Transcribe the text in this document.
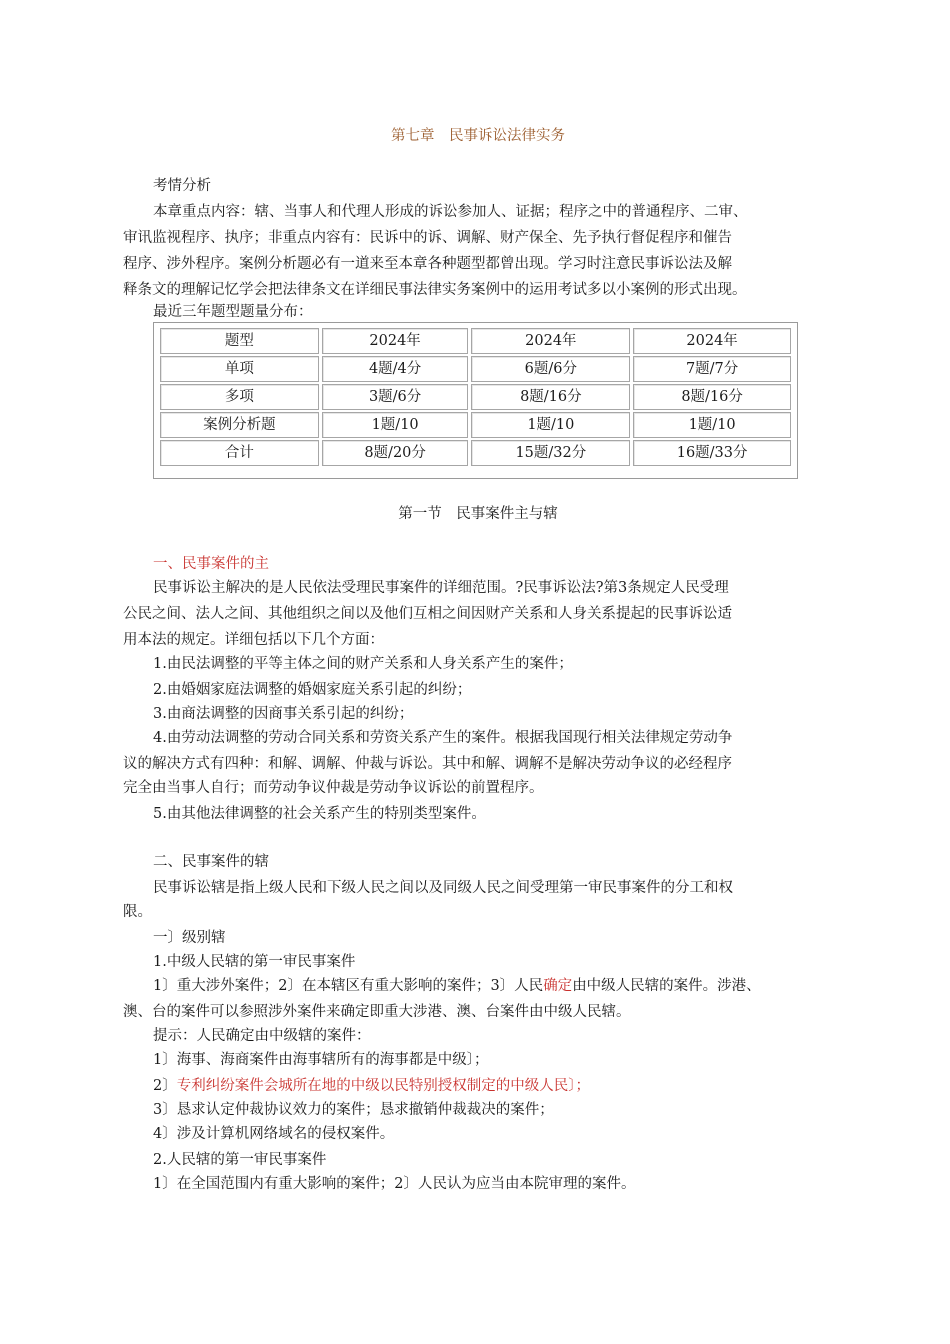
第七章　民事诉讼法律实务
考情分析
本章重点内容：辖、当事人和代理人形成的诉讼参加人、证据；程序之中的普通程序、二审、
审讯监视程序、执序；非重点内容有：民诉中的诉、调解、财产保全、先予执行督促程序和催告
程序、涉外程序。案例分析题必有一道来至本章各种题型都曾出现。学习时注意民事诉讼法及解
释条文的理解记忆学会把法律条文在详细民事法律实务案例中的运用考试多以小案例的形式出现。
最近三年题型题量分布：
题型	2024年	2024年	2024年
单项	4题/4分	6题/6分	7题/7分
多项	3题/6分	8题/16分	8题/16分
案例分析题	1题/10	1题/10	1题/10
合计	8题/20分	15题/32分	16题/33分
第一节　民事案件主与辖
一、民事案件的主
民事诉讼主解决的是人民依法受理民事案件的详细范围。?民事诉讼法?第3条规定人民受理
公民之间、法人之间、其他组织之间以及他们互相之间因财产关系和人身关系提起的民事诉讼适
用本法的规定。详细包括以下几个方面：
1.由民法调整的平等主体之间的财产关系和人身关系产生的案件；
2.由婚姻家庭法调整的婚姻家庭关系引起的纠纷；
3.由商法调整的因商事关系引起的纠纷；
4.由劳动法调整的劳动合同关系和劳资关系产生的案件。根据我国现行相关法律规定劳动争
议的解决方式有四种：和解、调解、仲裁与诉讼。其中和解、调解不是解决劳动争议的必经程序
完全由当事人自行；而劳动争议仲裁是劳动争议诉讼的前置程序。
5.由其他法律调整的社会关系产生的特别类型案件。
二、民事案件的辖
民事诉讼辖是指上级人民和下级人民之间以及同级人民之间受理第一审民事案件的分工和权
限。
一〕级别辖
1.中级人民辖的第一审民事案件
1〕重大涉外案件；2〕在本辖区有重大影响的案件；3〕人民确定由中级人民辖的案件。涉港、
澳、台的案件可以参照涉外案件来确定即重大涉港、澳、台案件由中级人民辖。
提示：人民确定由中级辖的案件：
1〕海事、海商案件由海事辖所有的海事都是中级〕；
2〕专利纠纷案件会城所在地的中级以民特别授权制定的中级人民〕；
3〕恳求认定仲裁协议效力的案件；恳求撤销仲裁裁决的案件；
4〕涉及计算机网络域名的侵权案件。
2.人民辖的第一审民事案件
1〕在全国范围内有重大影响的案件；2〕人民认为应当由本院审理的案件。
